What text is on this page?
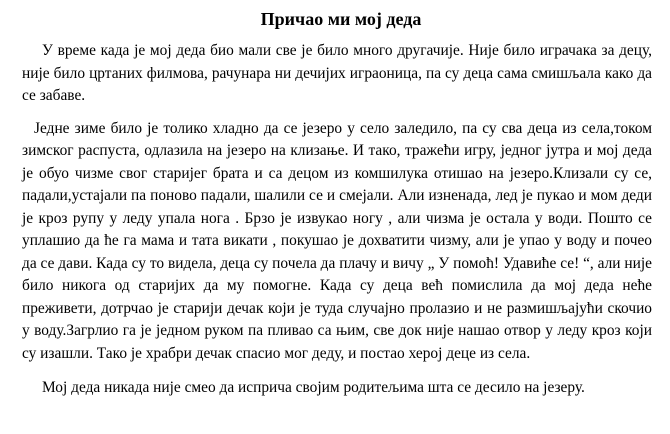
Причао ми мој деда

У време када је мој деда био мали све је било много другачије. Није било играчака за децу, није било цртаних филмова, рачунара ни дечијих играоница, па су деца сама смишљала како да се забаве.

Једне зиме било је толико хладно да се језеро у село заледило, па су сва деца из села,током зимског распуста, одлазила на језеро на клизање. И тако, тражећи игру, једног јутра и мој деда је обуо чизме свог старијег брата и са децом из комшилука отишао на језеро.Клизали су се, падали,устајали па поново падали, шалили се и смејали. Али изненада, лед је пукао и мом деди је кроз рупу у леду упала нога . Брзо је извукао ногу , али чизма је остала у води. Пошто се уплашио да ће га мама и тата викати , покушао је дохватити чизму, али је упао у воду и почео да се дави. Када су то видела, деца су почела да плачу и вичу „ У помоћ! Удавиће се! “, али није било никога од старијих да му помогне. Када су деца већ помислила да мој деда неће преживети, дотрчао је старији дечак који је туда случајно пролазио и не размишљајући скочио у воду.Загрлио га је једном руком па пливао са њим, све док није нашао отвор у леду кроз који су изашли. Тако је храбри дечак спасио мог деду, и постао херој деце из села.

Мој деда никада није смео да исприча својим родитељима шта се десило на језеру.
